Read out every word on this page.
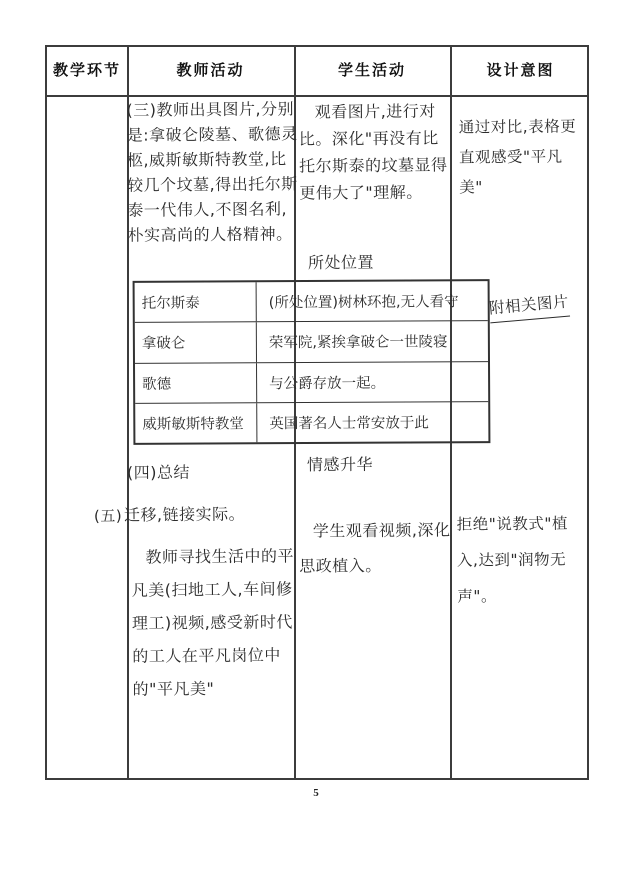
教学环节	教师活动	学生活动	设计意图
(三)教师出具图片,分别是:拿破仑陵墓、歌德灵柩,威斯敏斯特教堂,比较几个坟墓,得出托尔斯泰一代伟人,不图名利,朴实高尚的人格精神。
观看图片,进行对比。深化"再没有比托尔斯泰的坟墓显得更伟大了"理解。
通过对比,表格更直观感受"平凡美"
所处位置
托尔斯泰	(所处位置)树林环抱,无人看守
拿破仑	荣军院,紧挨拿破仑一世陵寝
歌德	与公爵存放一起。
威斯敏斯特教堂	英国著名人士常安放于此
附相关图片
(四)总结	情感升华
(五) 迁移,链接实际。
教师寻找生活中的平凡美(扫地工人,车间修理工)视频,感受新时代的工人在平凡岗位中的"平凡美"
学生观看视频,深化思政植入。
拒绝"说教式"植入,达到"润物无声"。
5
